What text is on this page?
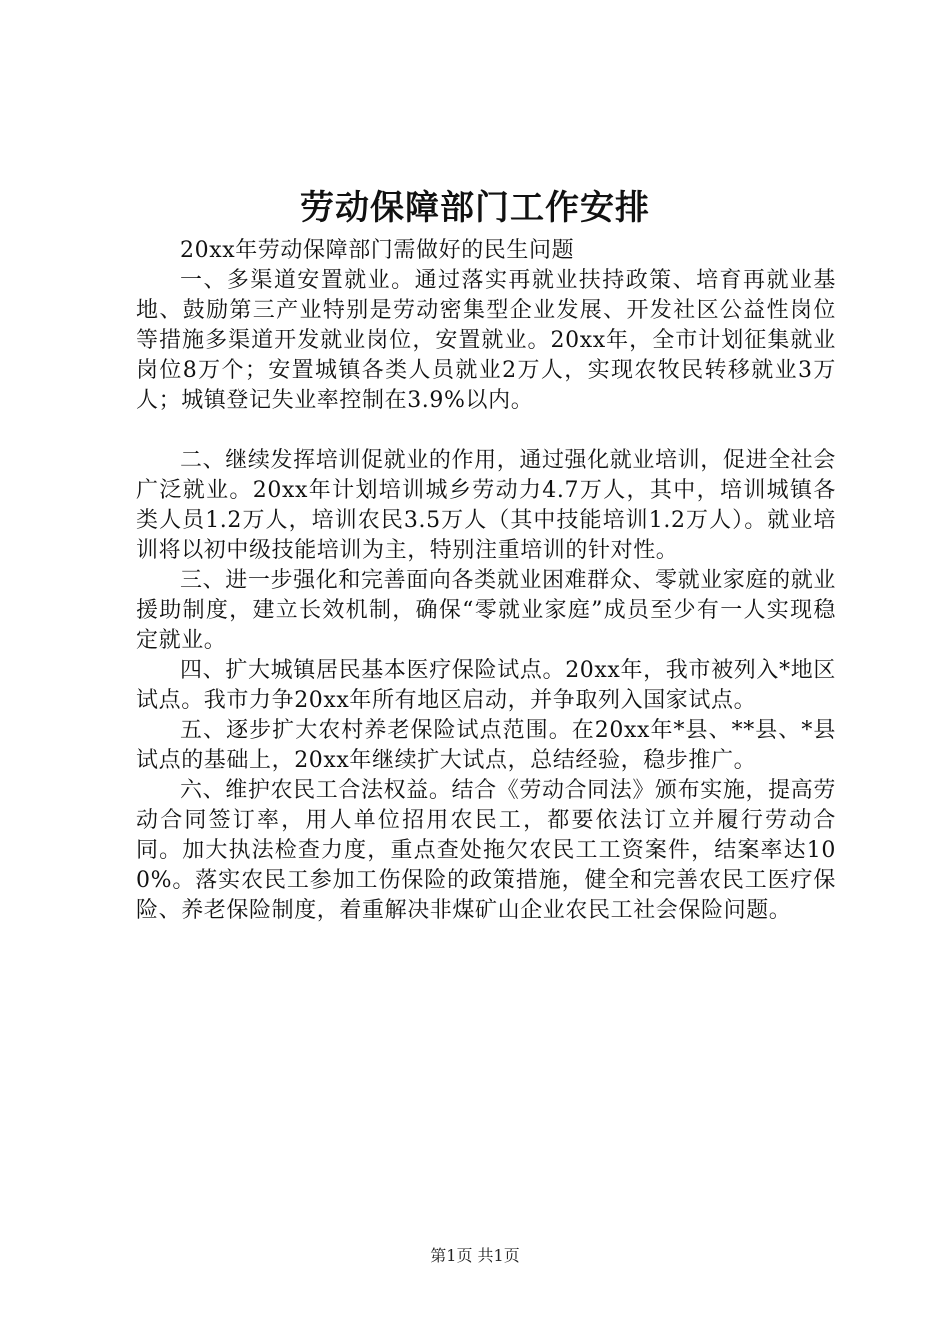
劳动保障部门工作安排

20xx年劳动保障部门需做好的民生问题

一、多渠道安置就业。通过落实再就业扶持政策、培育再就业基地、鼓励第三产业特别是劳动密集型企业发展、开发社区公益性岗位等措施多渠道开发就业岗位，安置就业。20xx年，全市计划征集就业岗位8万个；安置城镇各类人员就业2万人，实现农牧民转移就业3万人；城镇登记失业率控制在3.9%以内。

二、继续发挥培训促就业的作用，通过强化就业培训，促进全社会广泛就业。20xx年计划培训城乡劳动力4.7万人，其中，培训城镇各类人员1.2万人，培训农民3.5万人（其中技能培训1.2万人）。就业培训将以初中级技能培训为主，特别注重培训的针对性。

三、进一步强化和完善面向各类就业困难群众、零就业家庭的就业援助制度，建立长效机制，确保“零就业家庭”成员至少有一人实现稳定就业。

四、扩大城镇居民基本医疗保险试点。20xx年，我市被列入*地区试点。我市力争20xx年所有地区启动，并争取列入国家试点。

五、逐步扩大农村养老保险试点范围。在20xx年*县、**县、*县试点的基础上，20xx年继续扩大试点，总结经验，稳步推广。

六、维护农民工合法权益。结合《劳动合同法》颁布实施，提高劳动合同签订率，用人单位招用农民工，都要依法订立并履行劳动合同。加大执法检查力度，重点查处拖欠农民工工资案件，结案率达100%。落实农民工参加工伤保险的政策措施，健全和完善农民工医疗保险、养老保险制度，着重解决非煤矿山企业农民工社会保险问题。

第1页 共1页
